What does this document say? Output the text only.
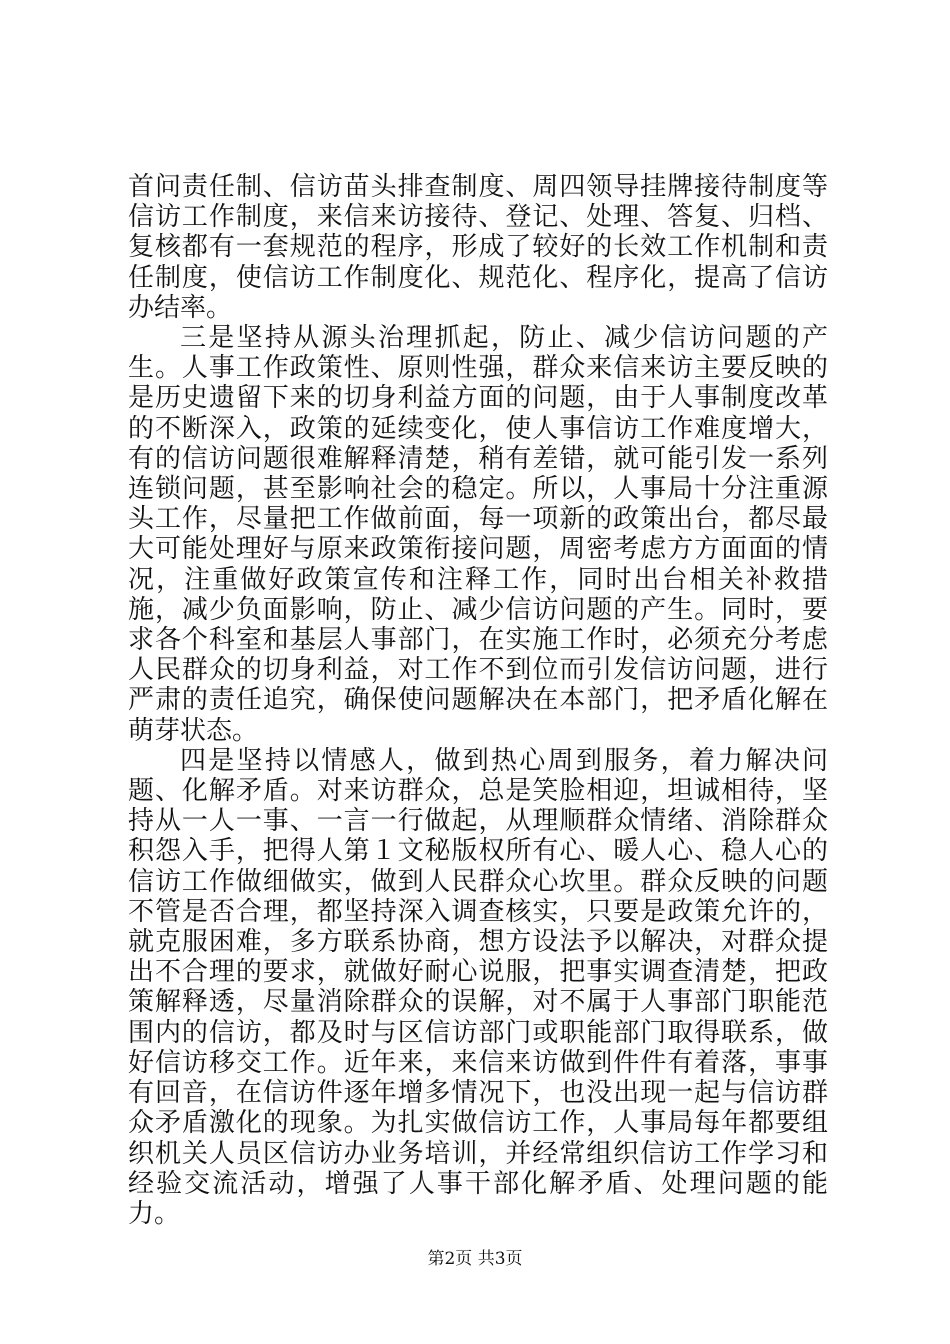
首问责任制、信访苗头排查制度、周四领导挂牌接待制度等信访工作制度，来信来访接待、登记、处理、答复、归档、复核都有一套规范的程序，形成了较好的长效工作机制和责任制度，使信访工作制度化、规范化、程序化，提高了信访办结率。

三是坚持从源头治理抓起，防止、减少信访问题的产生。人事工作政策性、原则性强，群众来信来访主要反映的是历史遗留下来的切身利益方面的问题，由于人事制度改革的不断深入，政策的延续变化，使人事信访工作难度增大，有的信访问题很难解释清楚，稍有差错，就可能引发一系列连锁问题，甚至影响社会的稳定。所以，人事局十分注重源头工作，尽量把工作做前面，每一项新的政策出台，都尽最大可能处理好与原来政策衔接问题，周密考虑方方面面的情况，注重做好政策宣传和注释工作，同时出台相关补救措施，减少负面影响，防止、减少信访问题的产生。同时，要求各个科室和基层人事部门，在实施工作时，必须充分考虑人民群众的切身利益，对工作不到位而引发信访问题，进行严肃的责任追究，确保使问题解决在本部门，把矛盾化解在萌芽状态。

四是坚持以情感人，做到热心周到服务，着力解决问题、化解矛盾。对来访群众，总是笑脸相迎，坦诚相待，坚持从一人一事、一言一行做起，从理顺群众情绪、消除群众积怨入手，把得人第１文秘版权所有心、暖人心、稳人心的信访工作做细做实，做到人民群众心坎里。群众反映的问题不管是否合理，都坚持深入调查核实，只要是政策允许的，就克服困难，多方联系协商，想方设法予以解决，对群众提出不合理的要求，就做好耐心说服，把事实调查清楚，把政策解释透，尽量消除群众的误解，对不属于人事部门职能范围内的信访，都及时与区信访部门或职能部门取得联系，做好信访移交工作。近年来，来信来访做到件件有着落，事事有回音，在信访件逐年增多情况下，也没出现一起与信访群众矛盾激化的现象。为扎实做信访工作，人事局每年都要组织机关人员区信访办业务培训，并经常组织信访工作学习和经验交流活动，增强了人事干部化解矛盾、处理问题的能力。

第2页 共3页
